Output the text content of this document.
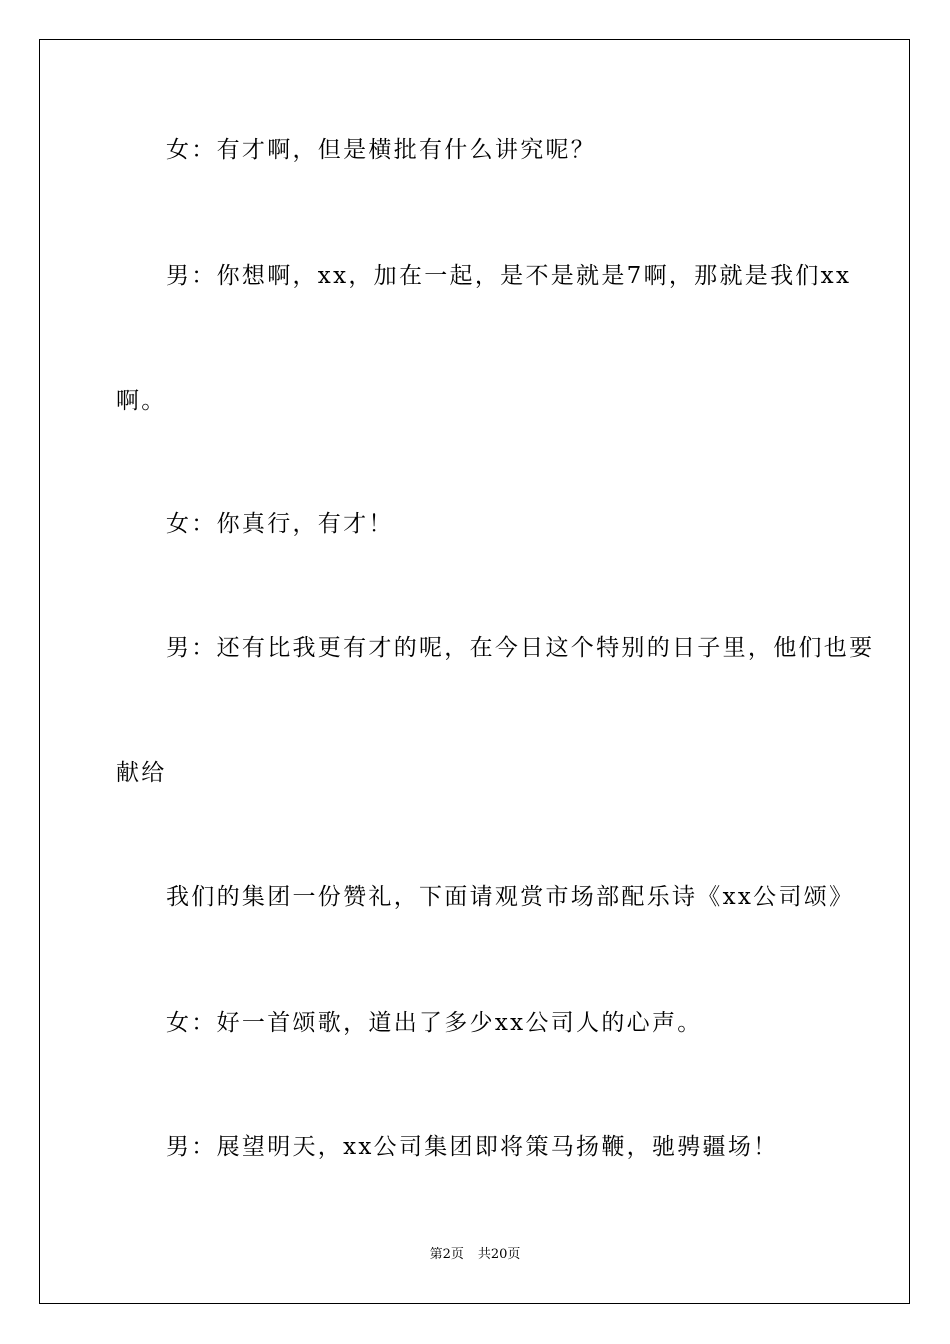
女：有才啊，但是横批有什么讲究呢？
男：你想啊，xx，加在一起，是不是就是7啊，那就是我们xx
啊。
女：你真行，有才！
男：还有比我更有才的呢，在今日这个特别的日子里，他们也要
献给
我们的集团一份赞礼，下面请观赏市场部配乐诗《xx公司颂》
女：好一首颂歌，道出了多少xx公司人的心声。
男：展望明天，xx公司集团即将策马扬鞭，驰骋疆场！
第2页 共20页
